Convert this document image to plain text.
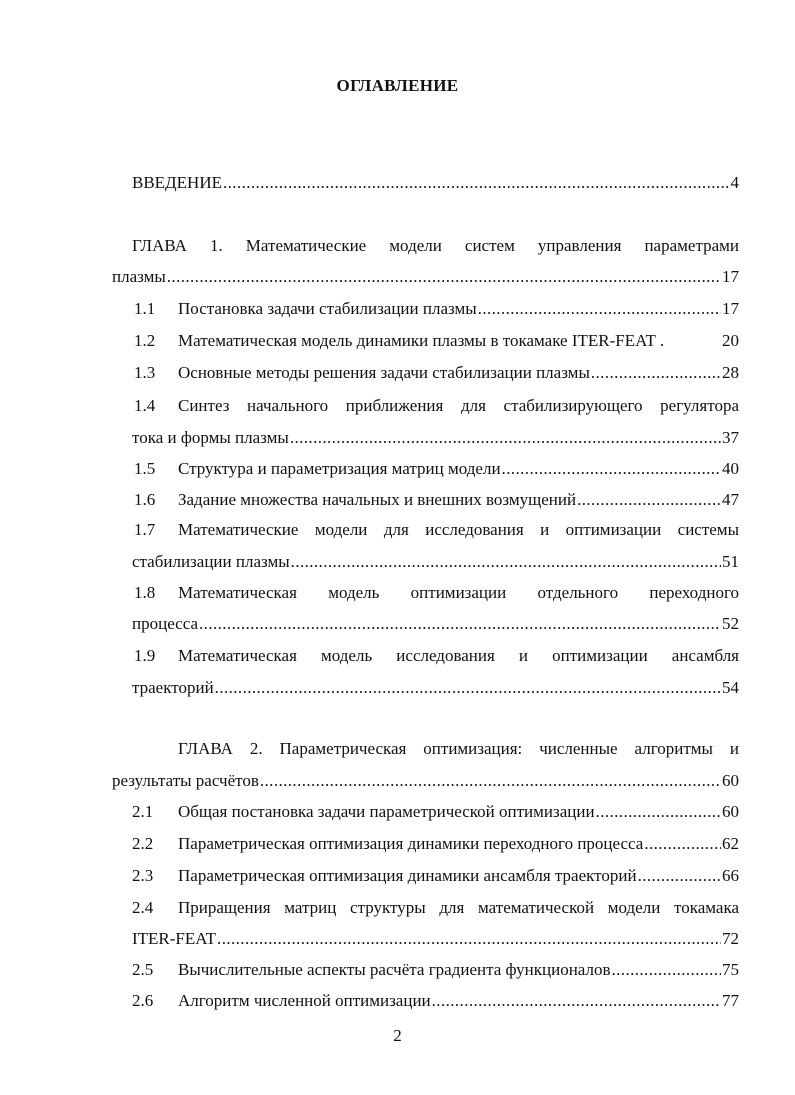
ОГЛАВЛЕНИЕ
ВВЕДЕНИЕ .....	4
ГЛАВА 1. Математические модели систем управления параметрами
плазмы .....	17
1.1 Постановка задачи стабилизации плазмы .....	17
1.2 Математическая модель динамики плазмы в токамаке ITER-FEAT .	20
1.3 Основные методы решения задачи стабилизации плазмы .....	28
1.4 Синтез начального приближения для стабилизирующего регулятора
тока и формы плазмы .....	37
1.5 Структура и параметризация матриц модели .....	40
1.6 Задание множества начальных и внешних возмущений .....	47
1.7 Математические модели для исследования и оптимизации системы
стабилизации плазмы .....	51
1.8 Математическая модель оптимизации отдельного переходного
процесса .....	52
1.9 Математическая модель исследования и оптимизации ансамбля
траекторий .....	54
ГЛАВА 2. Параметрическая оптимизация: численные алгоритмы и
результаты расчётов .....	60
2.1 Общая постановка задачи параметрической оптимизации .....	60
2.2 Параметрическая оптимизация динамики переходного процесса .....	62
2.3 Параметрическая оптимизация динамики ансамбля траекторий .....	66
2.4 Приращения матриц структуры для математической модели токамака
ITER-FEAT .....	72
2.5 Вычислительные аспекты расчёта градиента функционалов .....	75
2.6 Алгоритм численной оптимизации .....	77
2
